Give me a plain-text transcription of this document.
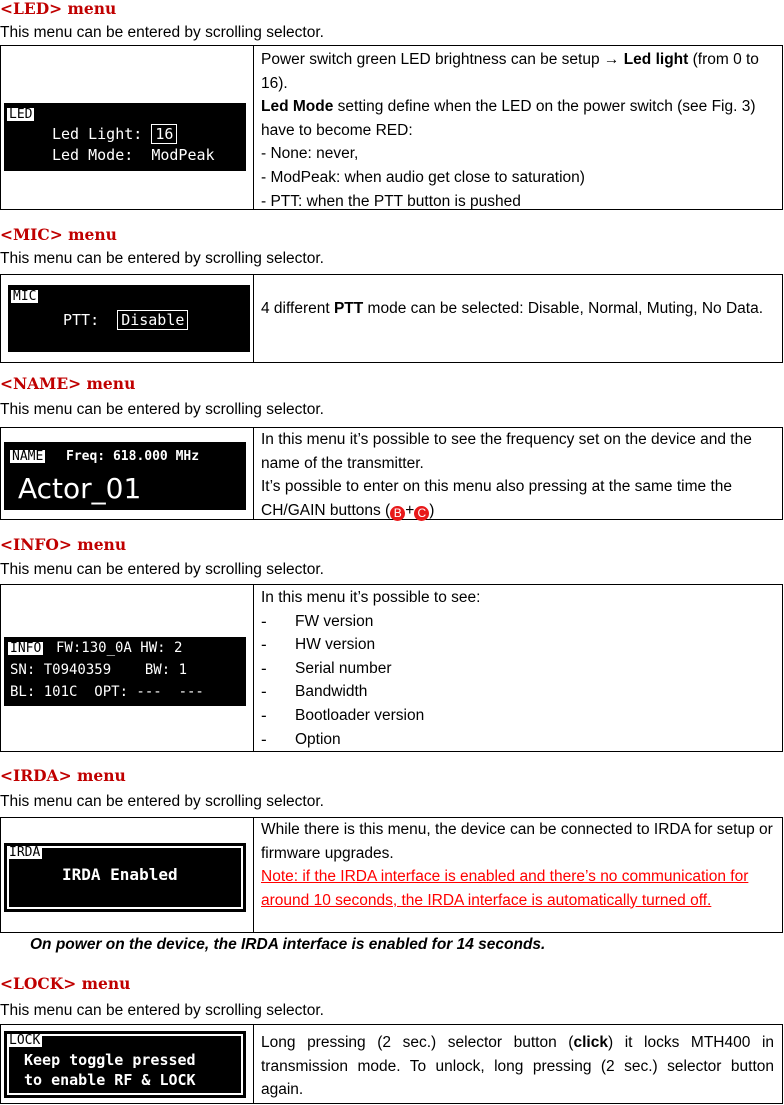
<LED> menu
This menu can be entered by scrolling selector.
LED
Led Light: 16
Led Mode:  ModPeak
Power switch green LED brightness can be setup → Led light (from 0 to 16).
Led Mode setting define when the LED on the power switch (see Fig. 3) have to become RED:
- None: never,
- ModPeak: when audio get close to saturation)
- PTT: when the PTT button is pushed
<MIC> menu
This menu can be entered by scrolling selector.
MIC
PTT: Disable
4 different PTT mode can be selected: Disable, Normal, Muting, No Data.
<NAME> menu
This menu can be entered by scrolling selector.
NAME Freq: 618.000 MHz
Actor_01
In this menu it’s possible to see the frequency set on the device and the name of the transmitter.
It’s possible to enter on this menu also pressing at the same time the CH/GAIN buttons ( B + C )
<INFO> menu
This menu can be entered by scrolling selector.
INFO FW:130_0A HW: 2
SN: T0940359    BW: 1
BL: 101C  OPT: ---  ---
In this menu it’s possible to see:
-	FW version
-	HW version
-	Serial number
-	Bandwidth
-	Bootloader version
-	Option
<IRDA> menu
This menu can be entered by scrolling selector.
IRDA
IRDA Enabled
While there is this menu, the device can be connected to IRDA for setup or firmware upgrades.
Note: if the IRDA interface is enabled and there’s no communication for around 10 seconds, the IRDA interface is automatically turned off.
On power on the device, the IRDA interface is enabled for 14 seconds.
<LOCK> menu
This menu can be entered by scrolling selector.
LOCK
Keep toggle pressed
to enable RF & LOCK
Long pressing (2 sec.) selector button (click) it locks MTH400 in transmission mode. To unlock, long pressing (2 sec.) selector button again.
